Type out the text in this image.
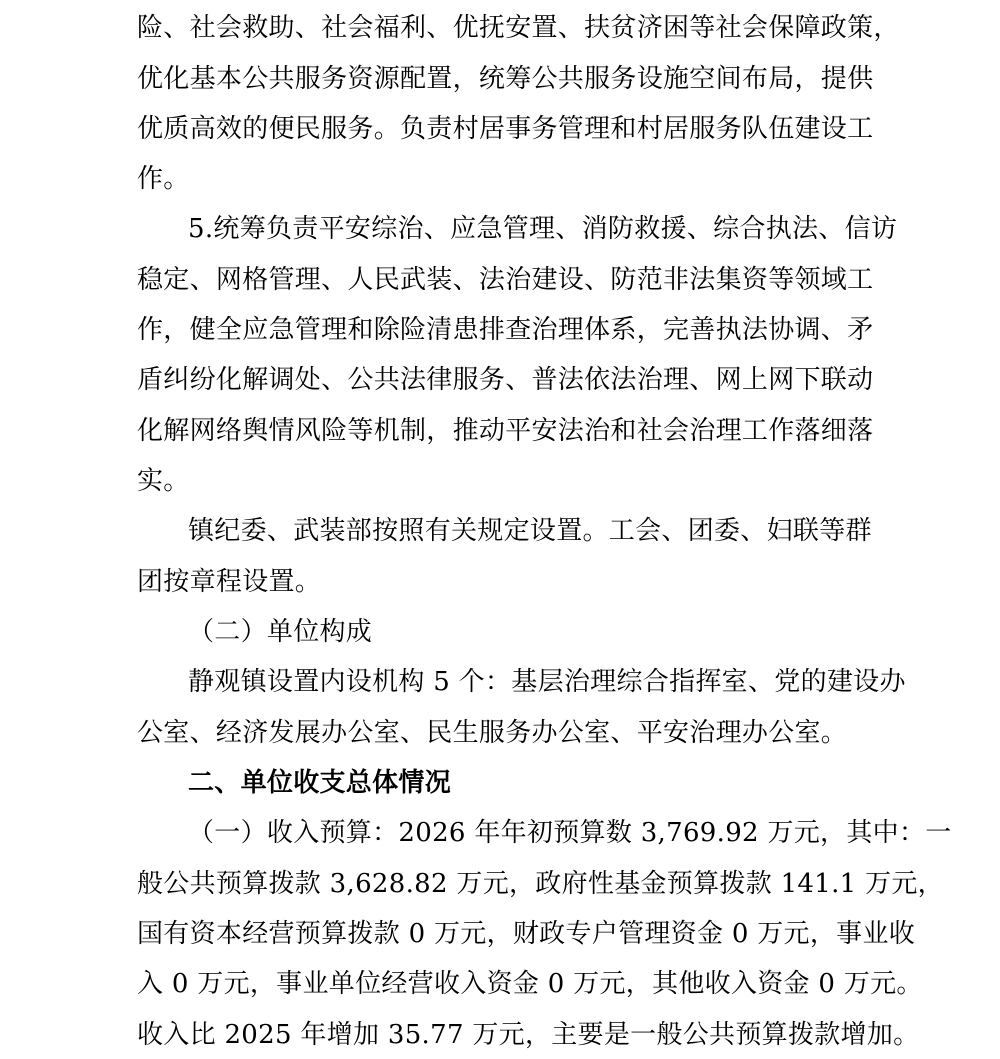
险、社会救助、社会福利、优抚安置、扶贫济困等社会保障政策，
优化基本公共服务资源配置，统筹公共服务设施空间布局，提供
优质高效的便民服务。负责村居事务管理和村居服务队伍建设工
作。
5.统筹负责平安综治、应急管理、消防救援、综合执法、信访
稳定、网格管理、人民武装、法治建设、防范非法集资等领域工
作，健全应急管理和除险清患排查治理体系，完善执法协调、矛
盾纠纷化解调处、公共法律服务、普法依法治理、网上网下联动
化解网络舆情风险等机制，推动平安法治和社会治理工作落细落
实。
镇纪委、武装部按照有关规定设置。工会、团委、妇联等群
团按章程设置。
（二）单位构成
静观镇设置内设机构 5 个：基层治理综合指挥室、党的建设办
公室、经济发展办公室、民生服务办公室、平安治理办公室。
二、单位收支总体情况
（一）收入预算：2026 年年初预算数 3,769.92 万元，其中：一
般公共预算拨款 3,628.82 万元，政府性基金预算拨款 141.1 万元，
国有资本经营预算拨款 0 万元，财政专户管理资金 0 万元，事业收
入 0 万元，事业单位经营收入资金 0 万元，其他收入资金 0 万元。
收入比 2025 年增加 35.77 万元，主要是一般公共预算拨款增加。
